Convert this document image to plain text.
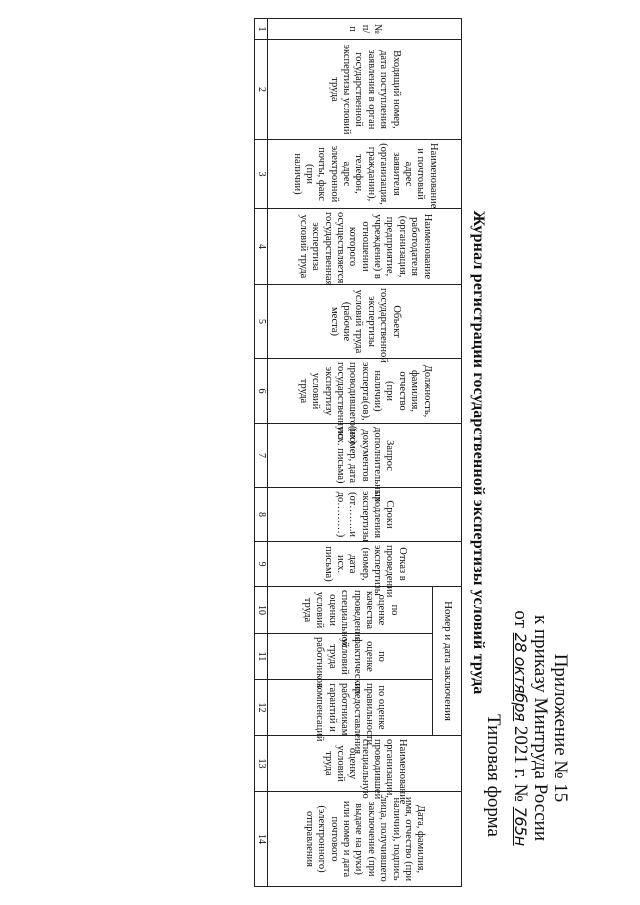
Приложение № 15
к приказу Минтруда России
от 28 октября 2021 г. № 765н
Типовая форма
Журнал регистрации государственной экспертизы условий труда
№ п/п	Входящий номер, дата поступления заявления в орган государственной экспертизы условий труда	Наименование и почтовый адрес заявителя (организация, гражданин), телефон, адрес электронной почты, факс (при наличии)	Наименование работодателя (организация, предприятие, учреждение) в отношении которого осуществляется государственная экспертиза условий труда	Объект государственной экспертизы условий труда (рабочие места)	Должность, фамилия, отчество (при наличии) эксперта(ов), проводившего(их) государственную экспертизу условий труда	Запрос дополнительных документов (номер, дата исх. письма)	Сроки продления экспертизы (от……..и до………)	Отказ в проведении экспертизы (номер, дата исх. письма)	Номер и дата заключения			Наименование организации, проводившей специальную оценку условий труда	Дата, фамилия, имя, отчество (при наличии), подпись лица, получившего заключение (при выдаче на руки) или номер и дата почтового (электронного) отправления
									по оценке качества проведения специальной оценки условий труда	по оценке фактических условий труда работников	по оценке правильности предоставления работникам гарантий и компенсаций		
1	2	3	4	5	6	7	8	9	10	11	12	13	14
